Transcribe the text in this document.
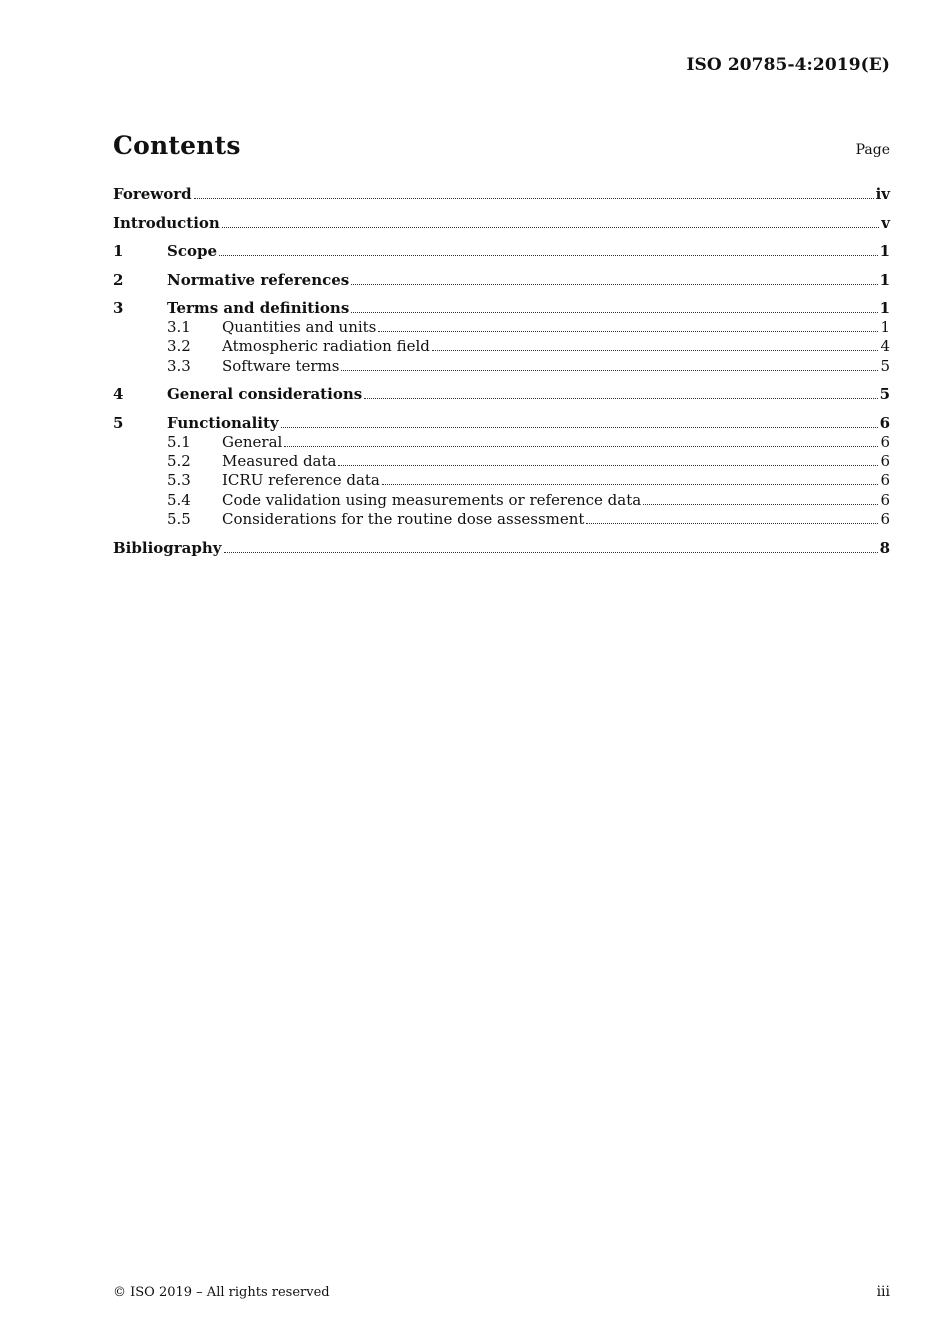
ISO 20785-4:2019(E)
Contents	Page
Foreword	iv
Introduction	v
1	Scope	1
2	Normative references	1
3	Terms and definitions	1
3.1	Quantities and units	1
3.2	Atmospheric radiation field	4
3.3	Software terms	5
4	General considerations	5
5	Functionality	6
5.1	General	6
5.2	Measured data	6
5.3	ICRU reference data	6
5.4	Code validation using measurements or reference data	6
5.5	Considerations for the routine dose assessment	6
Bibliography	8
© ISO 2019 – All rights reserved	iii
